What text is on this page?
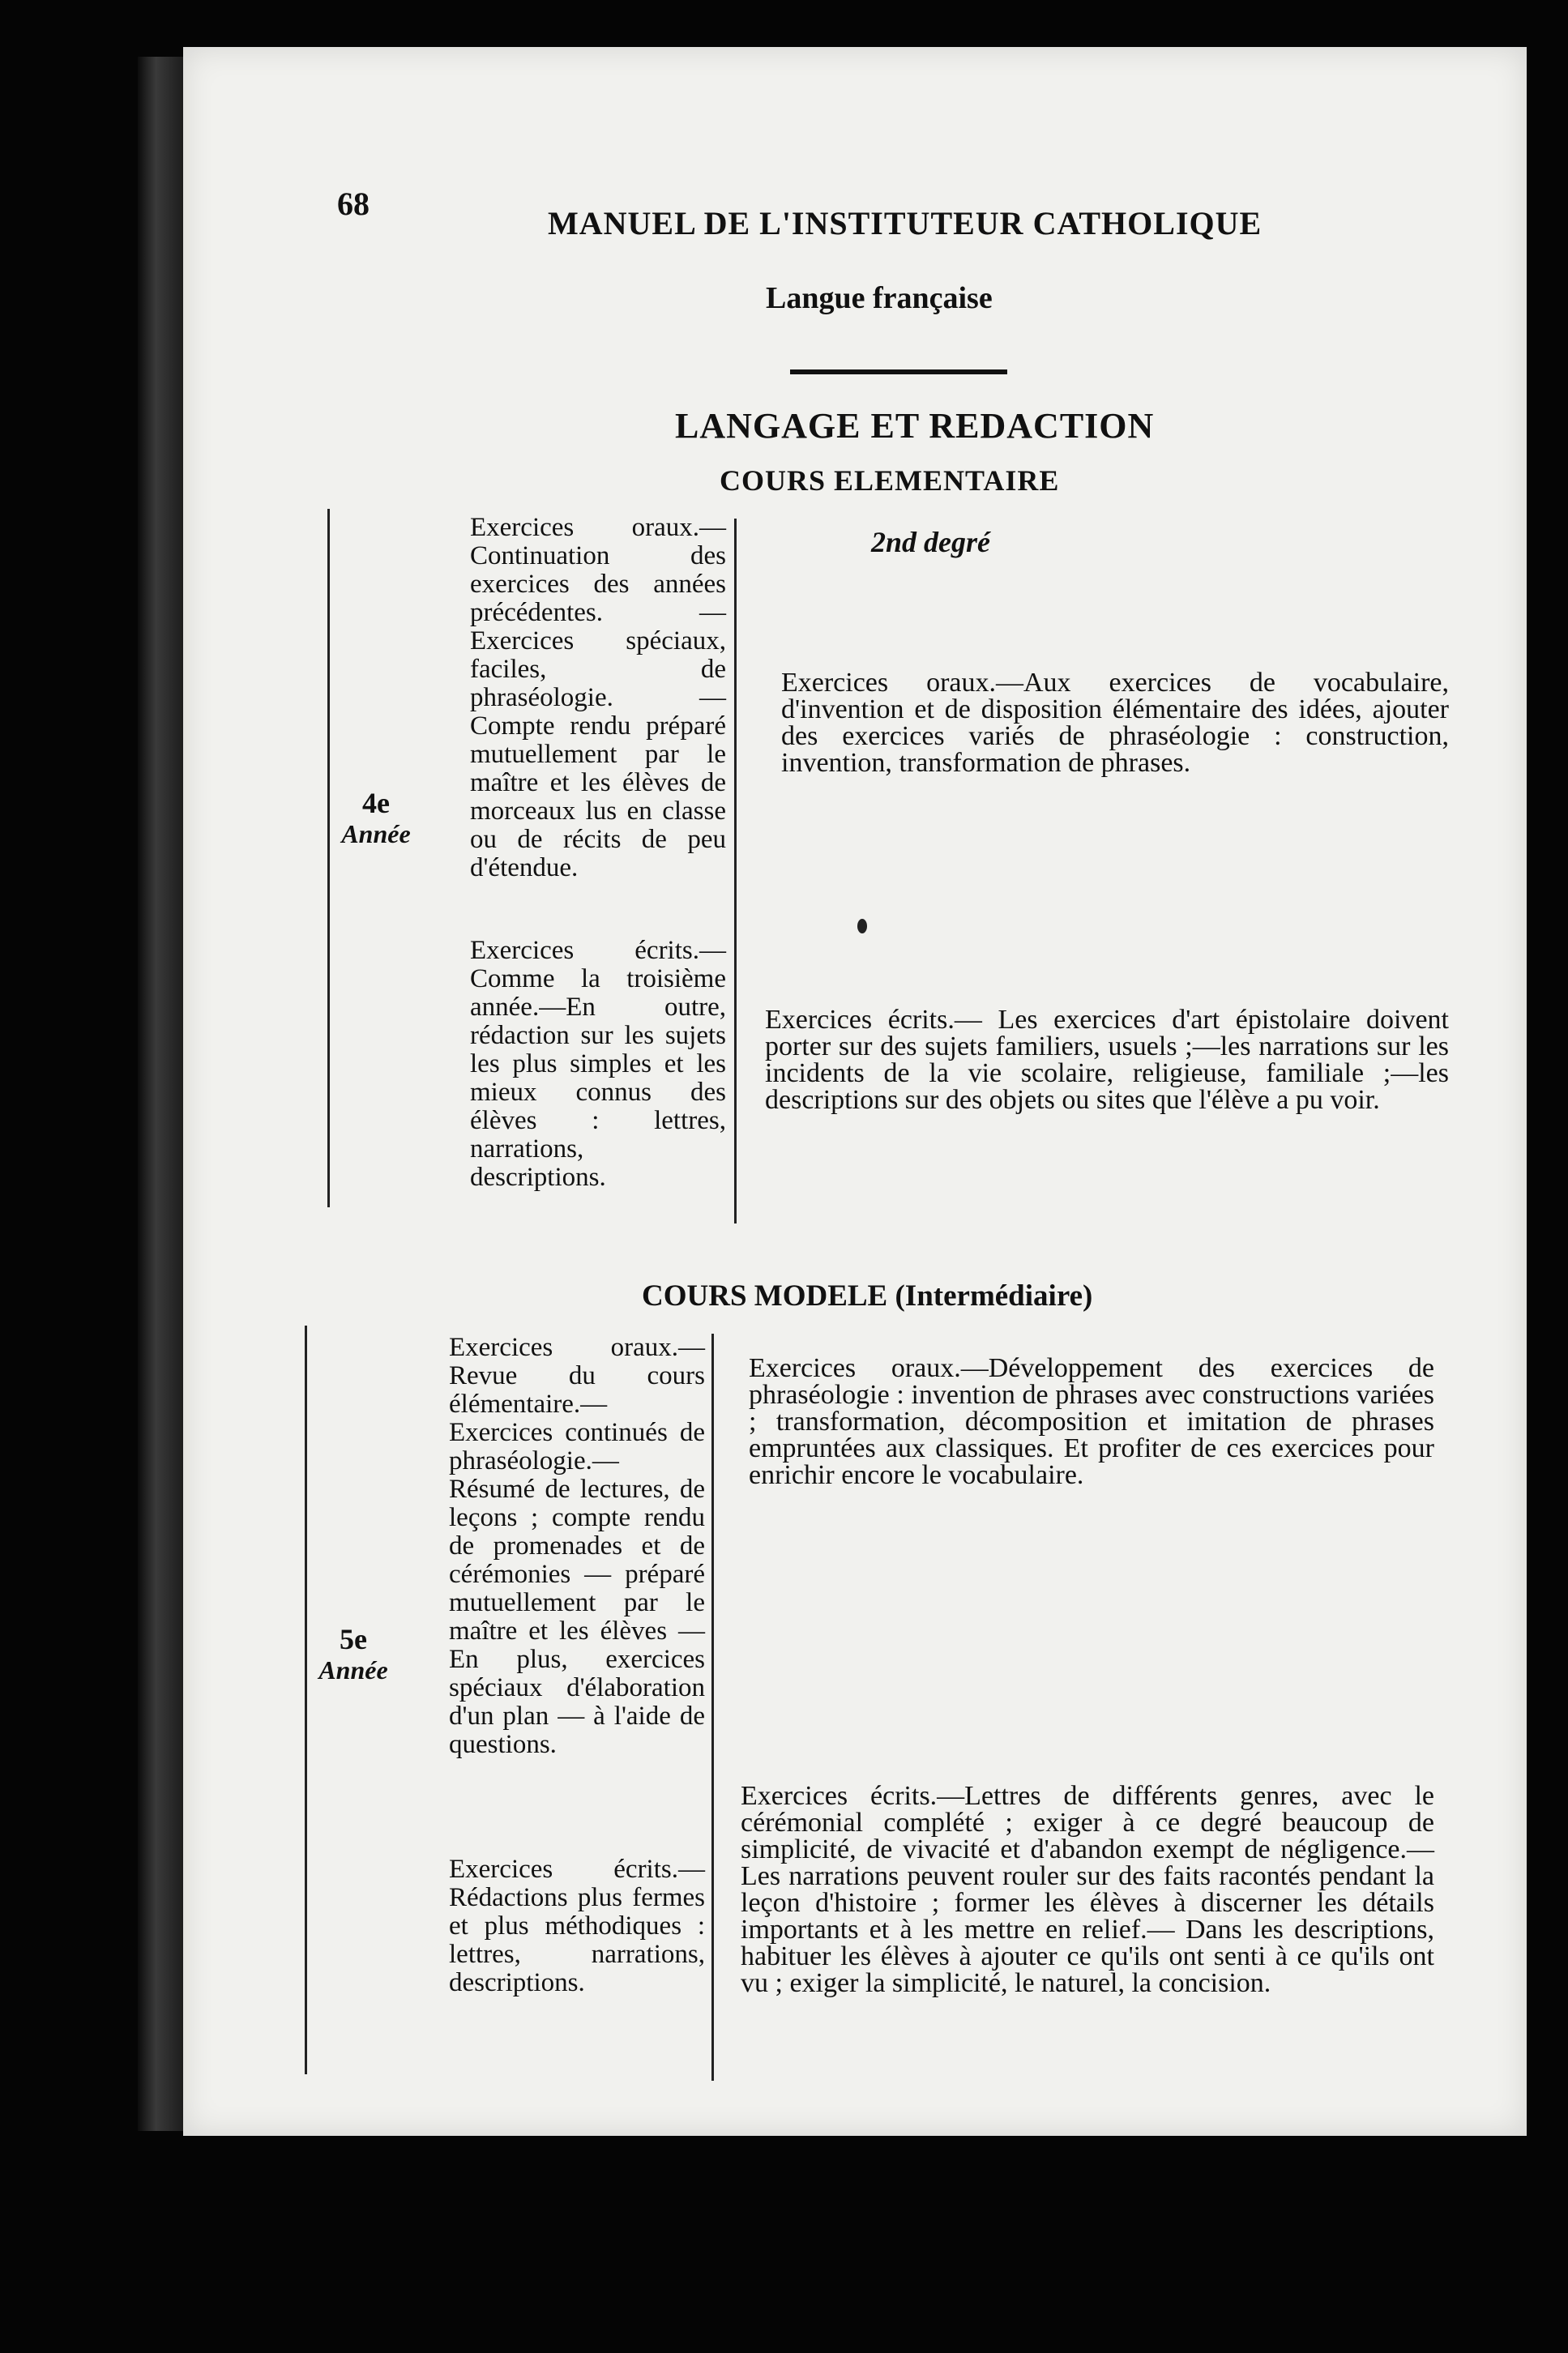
68
MANUEL DE L'INSTITUTEUR CATHOLIQUE
Langue française
LANGAGE ET REDACTION
COURS ELEMENTAIRE
2nd degré
4e
Année
Exercices oraux.— Continuation des exercices des années précédentes. —Exercices spéciaux, faciles, de phraséologie. — Compte rendu préparé mutuellement par le maître et les élèves de morceaux lus en classe ou de récits de peu d'étendue.
Exercices écrits.— Comme la troisième année.—En outre, rédaction sur les sujets les plus simples et les mieux connus des élèves : lettres, narrations, descriptions.
Exercices oraux.—Aux exercices de vocabulaire, d'invention et de disposition élémentaire des idées, ajouter des exercices variés de phraséologie : construction, invention, transformation de phrases.
Exercices écrits.— Les exercices d'art épistolaire doivent porter sur des sujets familiers, usuels ;—les narrations sur les incidents de la vie scolaire, religieuse, familiale ;—les descriptions sur des objets ou sites que l'élève a pu voir.
COURS MODELE (Intermédiaire)
5e
Année
Exercices oraux.— Revue du cours élémentaire.— Exercices continués de phraséologie.— Résumé de lectures, de leçons ; compte rendu de promenades et de cérémonies — préparé mutuellement par le maître et les élèves — En plus, exercices spéciaux d'élaboration d'un plan — à l'aide de questions.
Exercices écrits.— Rédactions plus fermes et plus méthodiques : lettres, narrations, descriptions.
Exercices oraux.—Développement des exercices de phraséologie : invention de phrases avec constructions variées ; transformation, décomposition et imitation de phrases empruntées aux classiques. Et profiter de ces exercices pour enrichir encore le vocabulaire.
Exercices écrits.—Lettres de différents genres, avec le cérémonial complété ; exiger à ce degré beaucoup de simplicité, de vivacité et d'abandon exempt de négligence.—Les narrations peuvent rouler sur des faits racontés pendant la leçon d'histoire ; former les élèves à discerner les détails importants et à les mettre en relief.— Dans les descriptions, habituer les élèves à ajouter ce qu'ils ont senti à ce qu'ils ont vu ; exiger la simplicité, le naturel, la concision.
